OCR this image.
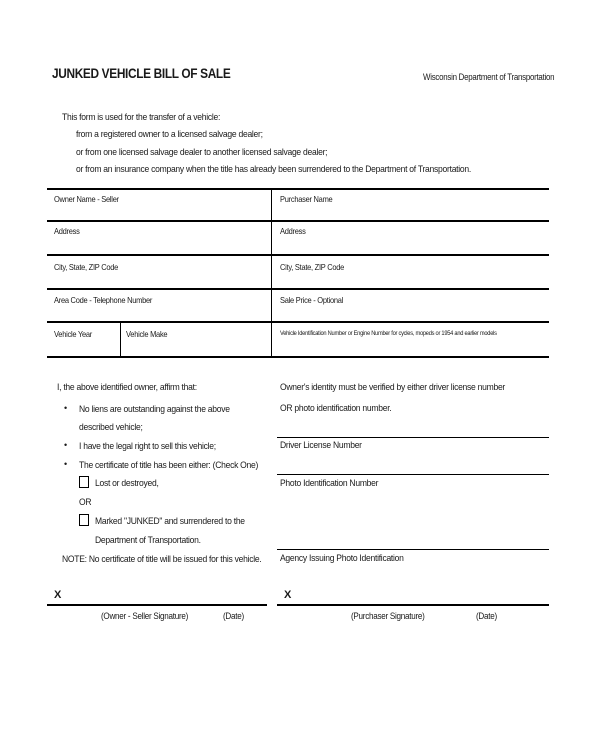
JUNKED VEHICLE BILL OF SALE	Wisconsin Department of Transportation
This form is used for the transfer of a vehicle:
from a registered owner to a licensed salvage dealer;
or from one licensed salvage dealer to another licensed salvage dealer;
or from an insurance company when the title has already been surrendered to the Department of Transportation.
Owner Name - Seller	Purchaser Name
Address	Address
City, State, ZIP Code	City, State, ZIP Code
Area Code - Telephone Number	Sale Price - Optional
Vehicle Year	Vehicle Make	Vehicle Identification Number or Engine Number for cycles, mopeds or 1954 and earlier models
I, the above identified owner, affirm that:
• No liens are outstanding against the above
described vehicle;
• I have the legal right to sell this vehicle;
• The certificate of title has been either: (Check One)
Lost or destroyed,
OR
Marked "JUNKED" and surrendered to the
Department of Transportation.
NOTE: No certificate of title will be issued for this vehicle.
Owner's identity must be verified by either driver license number
OR photo identification number.
Driver License Number
Photo Identification Number
Agency Issuing Photo Identification
X
(Owner - Seller Signature)	(Date)
X
(Purchaser Signature)	(Date)
